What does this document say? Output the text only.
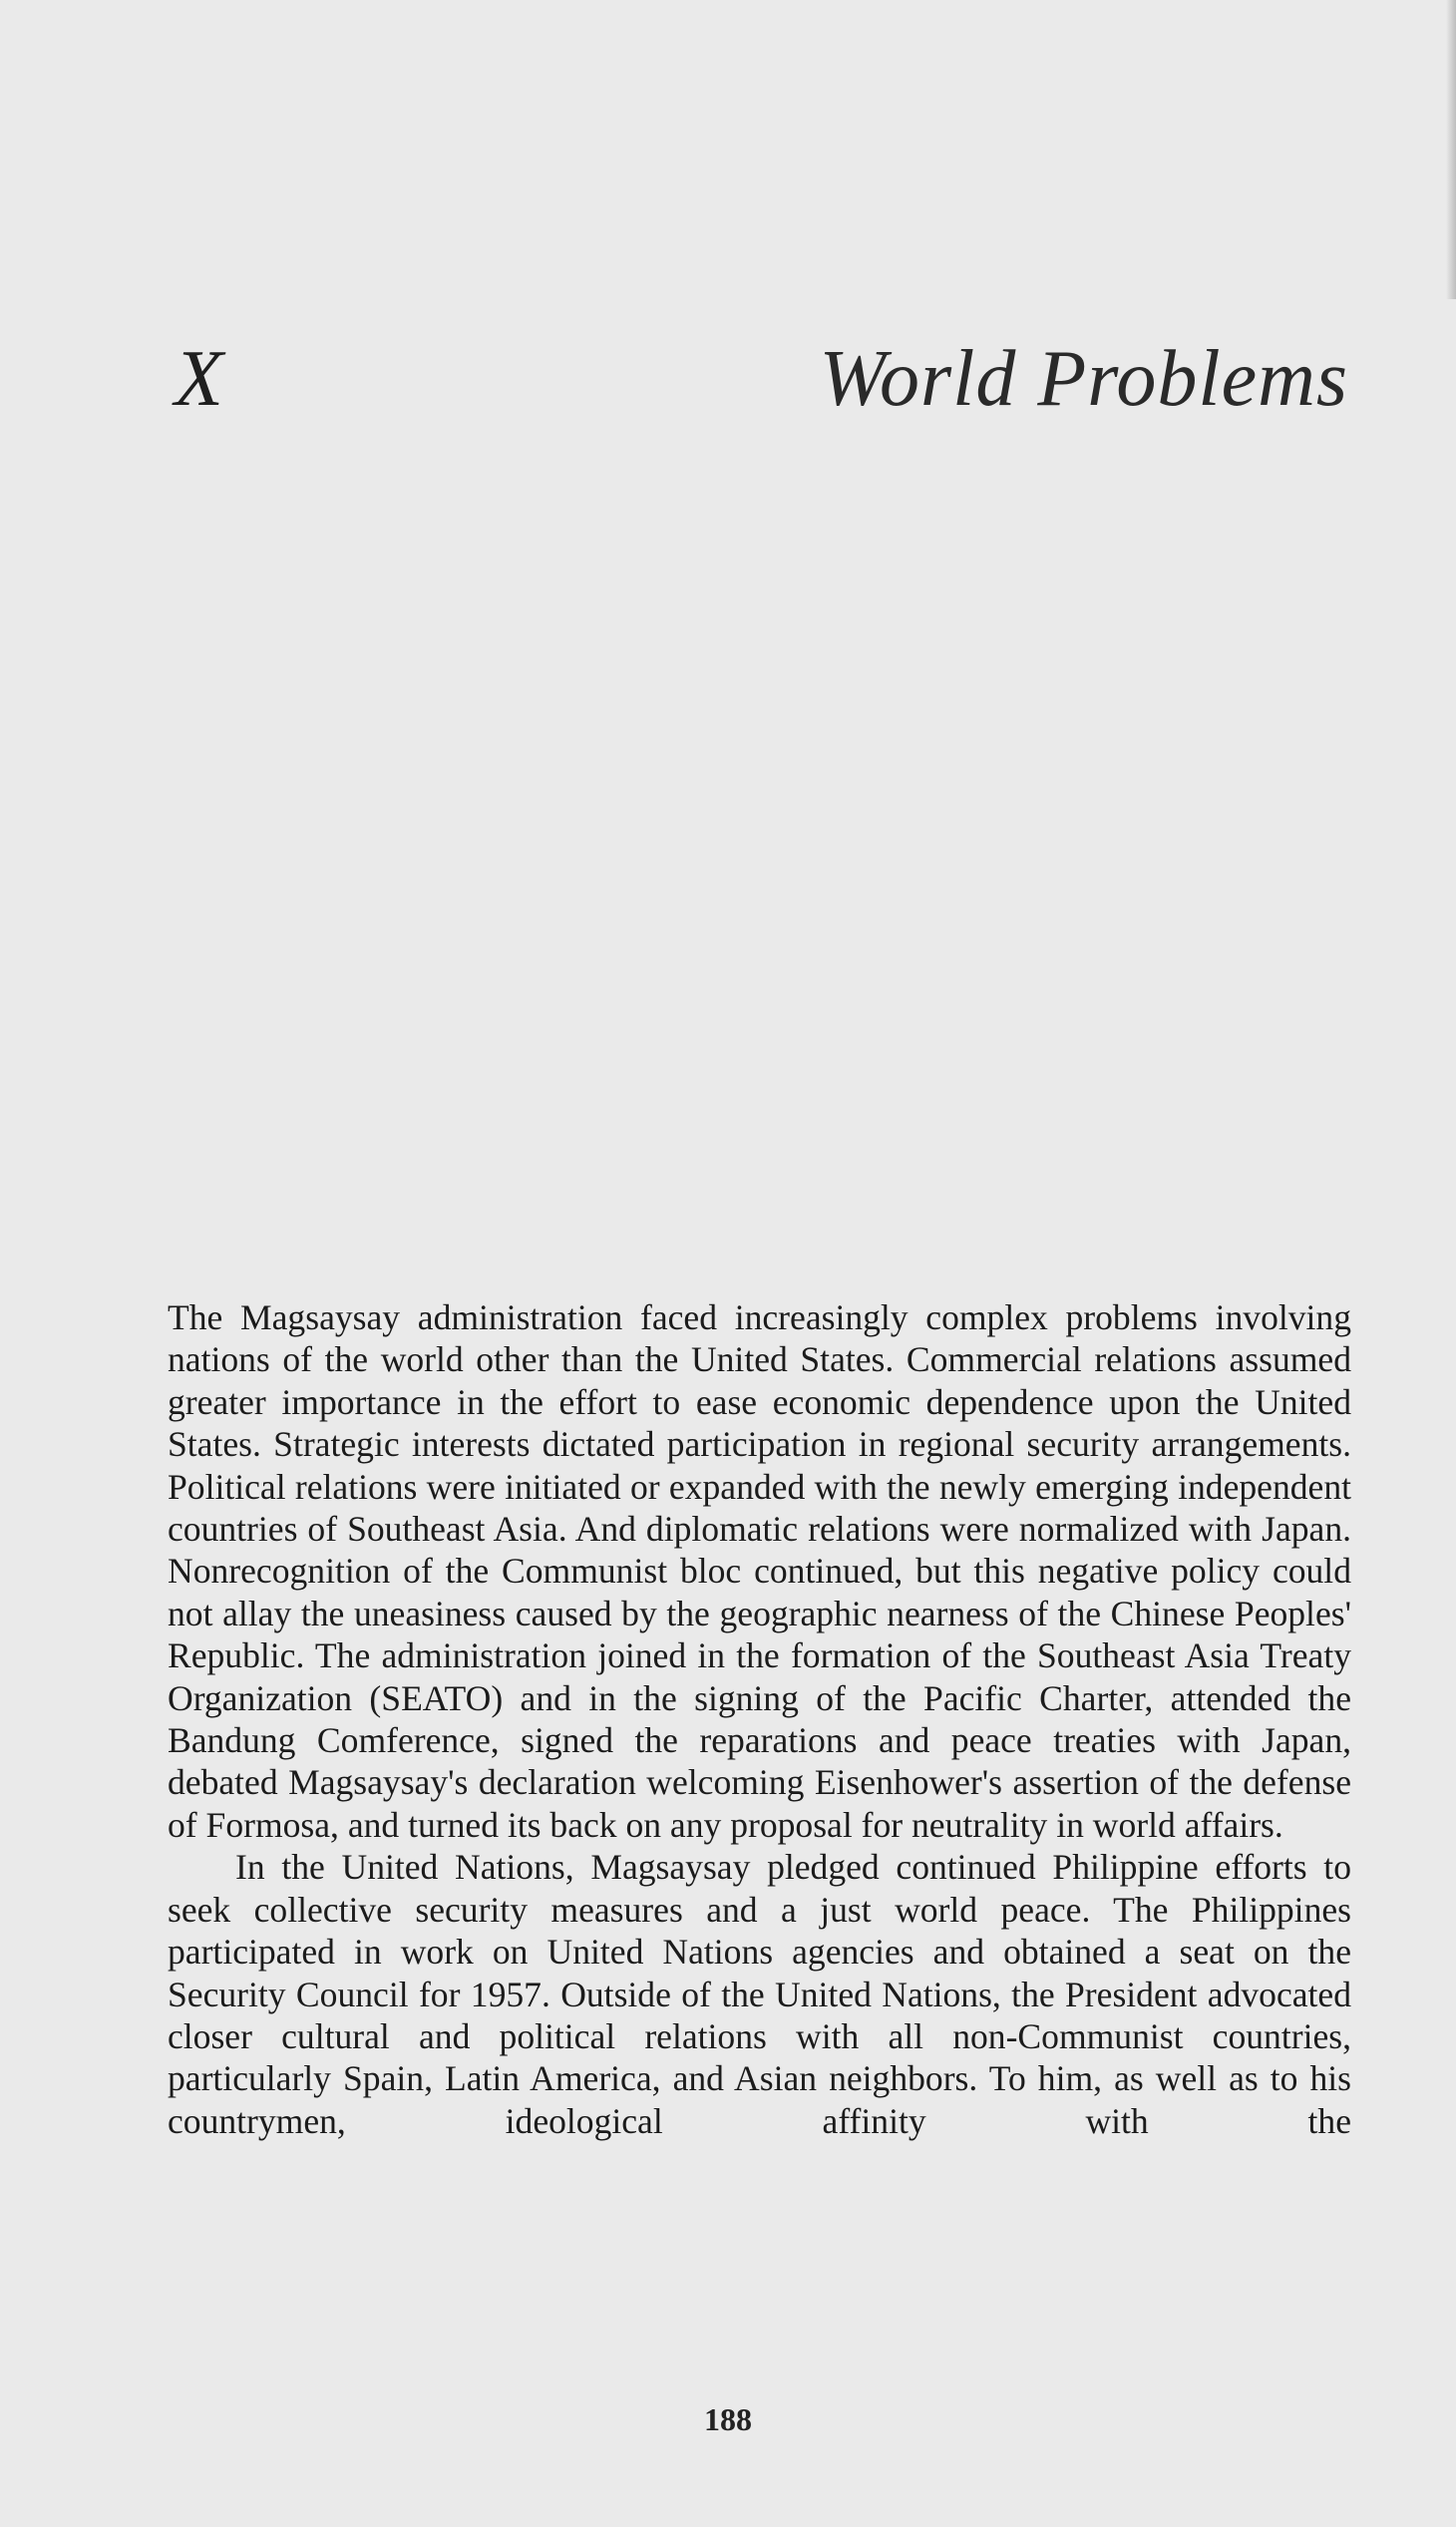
X	World Problems

The Magsaysay administration faced increasingly complex problems involving nations of the world other than the United States. Commercial relations assumed greater importance in the effort to ease economic dependence upon the United States. Strategic interests dictated participation in regional security arrangements. Political relations were initiated or expanded with the newly emerging independent countries of Southeast Asia. And diplomatic relations were normalized with Japan. Nonrecognition of the Communist bloc continued, but this negative policy could not allay the uneasiness caused by the geographic nearness of the Chinese Peoples' Republic. The administration joined in the formation of the Southeast Asia Treaty Organization (SEATO) and in the signing of the Pacific Charter, attended the Bandung Comference, signed the reparations and peace treaties with Japan, debated Magsaysay's declaration welcoming Eisenhower's assertion of the defense of Formosa, and turned its back on any proposal for neutrality in world affairs.

In the United Nations, Magsaysay pledged continued Philippine efforts to seek collective security measures and a just world peace. The Philippines participated in work on United Nations agencies and obtained a seat on the Security Council for 1957. Outside of the United Nations, the President advocated closer cultural and political relations with all non-Communist countries, particularly Spain, Latin America, and Asian neighbors. To him, as well as to his countrymen, ideological affinity with the

188
